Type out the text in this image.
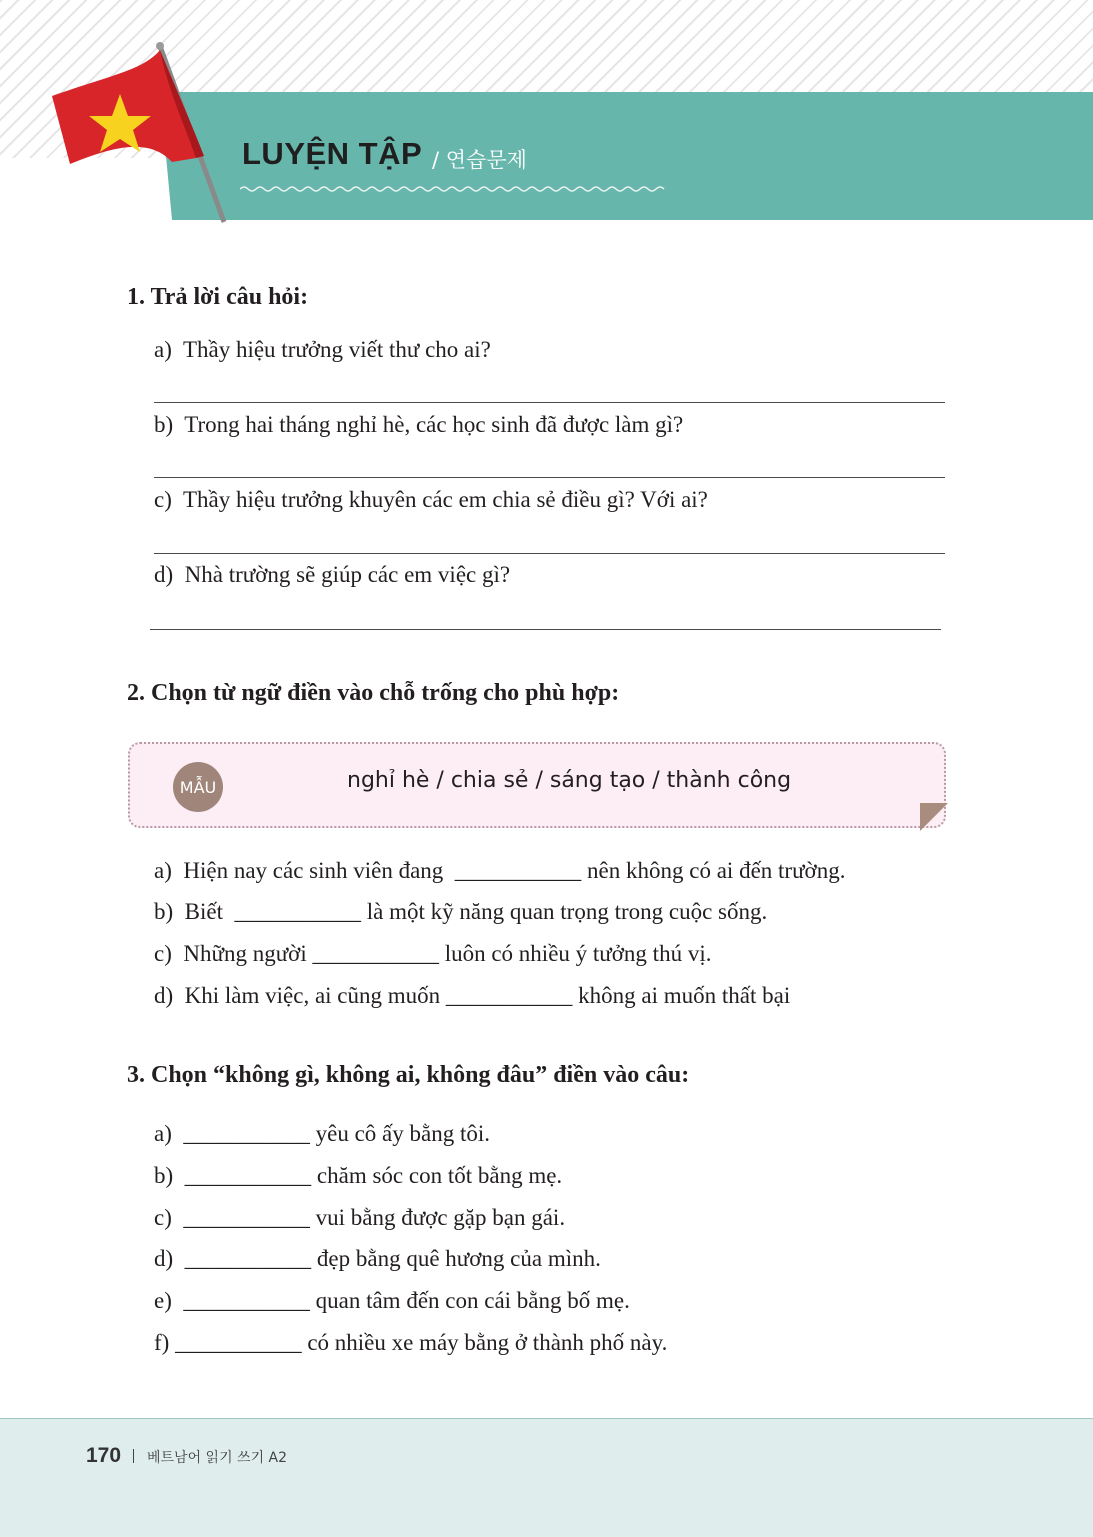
LUYỆN TẬP / 연습문제
1. Trả lời câu hỏi:
a)  Thầy hiệu trưởng viết thư cho ai?
b)  Trong hai tháng nghỉ hè, các học sinh đã được làm gì?
c)  Thầy hiệu trưởng khuyên các em chia sẻ điều gì? Với ai?
d)  Nhà trường sẽ giúp các em việc gì?
2. Chọn từ ngữ điền vào chỗ trống cho phù hợp:
MẪU	nghỉ hè / chia sẻ / sáng tạo / thành công
a)  Hiện nay các sinh viên đang  ___________ nên không có ai đến trường.
b)  Biết  ___________ là một kỹ năng quan trọng trong cuộc sống.
c)  Những người ___________ luôn có nhiều ý tưởng thú vị.
d)  Khi làm việc, ai cũng muốn ___________ không ai muốn thất bại
3. Chọn “không gì, không ai, không đâu” điền vào câu:
a)  ___________ yêu cô ấy bằng tôi.
b)  ___________ chăm sóc con tốt bằng mẹ.
c)  ___________ vui bằng được gặp bạn gái.
d)  ___________ đẹp bằng quê hương của mình.
e)  ___________ quan tâm đến con cái bằng bố mẹ.
f) ___________ có nhiều xe máy bằng ở thành phố này.
170 베트남어 읽기 쓰기 A2
